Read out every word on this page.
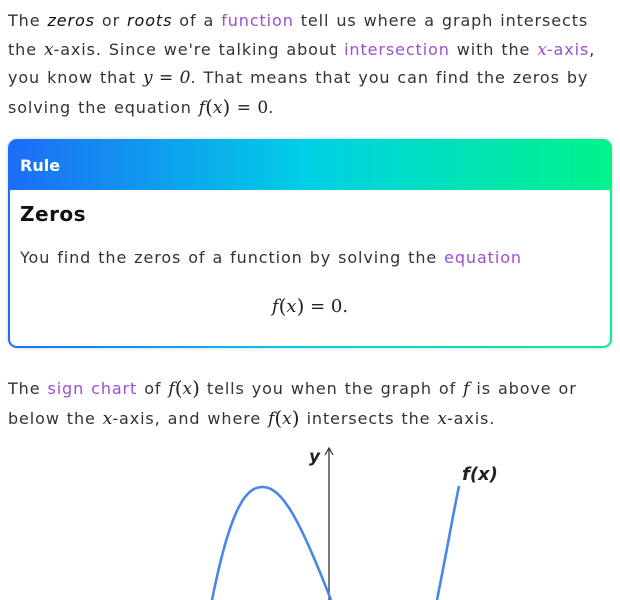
The zeros or roots of a function tell us where a graph intersects the x-axis. Since we're talking about intersection with the x-axis, you know that y = 0. That means that you can find the zeros by solving the equation f(x) = 0.

Rule
Zeros
You find the zeros of a function by solving the equation
f(x) = 0.

The sign chart of f(x) tells you when the graph of f is above or below the x-axis, and where f(x) intersects the x-axis.

y
f(x)
